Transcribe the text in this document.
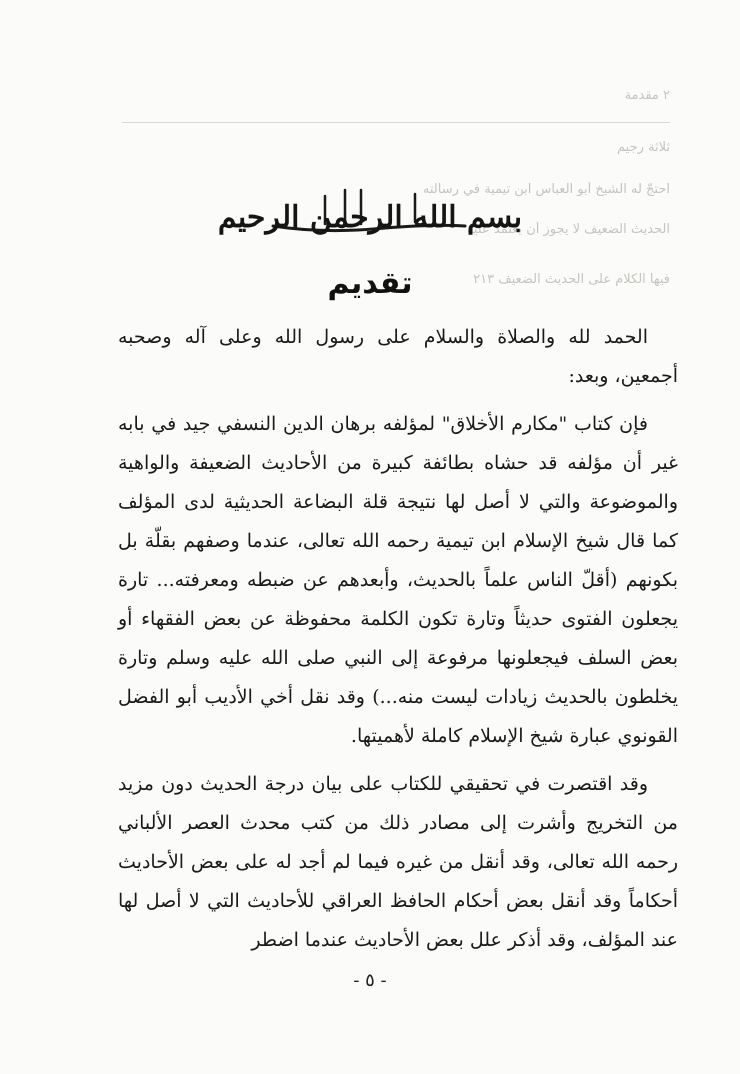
٢ مقدمة
ثلاثة رجيم
احتجّ له الشيخ أبو العباس ابن تيمية في رسالته
الحديث الضعيف لا يجوز أن يعتمد عليه
فيها الكلام على الحديث الضعيف ٢١٣
بسم الله الرحمن الرحيم
تقديم

الحمد لله والصلاة والسلام على رسول الله وعلى آله وصحبه أجمعين، وبعد:

فإن كتاب "مكارم الأخلاق" لمؤلفه برهان الدين النسفي جيد في بابه غير أن مؤلفه قد حشاه بطائفة كبيرة من الأحاديث الضعيفة والواهية والموضوعة والتي لا أصل لها نتيجة قلة البضاعة الحديثية لدى المؤلف كما قال شيخ الإسلام ابن تيمية رحمه الله تعالى، عندما وصفهم بقلّة بل بكونهم (أقلّ الناس علماً بالحديث، وأبعدهم عن ضبطه ومعرفته... تارة يجعلون الفتوى حديثاً وتارة تكون الكلمة محفوظة عن بعض الفقهاء أو بعض السلف فيجعلونها مرفوعة إلى النبي صلى الله عليه وسلم وتارة يخلطون بالحديث زيادات ليست منه...) وقد نقل أخي الأديب أبو الفضل القونوي عبارة شيخ الإسلام كاملة لأهميتها.

وقد اقتصرت في تحقيقي للكتاب على بيان درجة الحديث دون مزيد من التخريج وأشرت إلى مصادر ذلك من كتب محدث العصر الألباني رحمه الله تعالى، وقد أنقل من غيره فيما لم أجد له على بعض الأحاديث أحكاماً وقد أنقل بعض أحكام الحافظ العراقي للأحاديث التي لا أصل لها عند المؤلف، وقد أذكر علل بعض الأحاديث عندما اضطر

- ٥ -
